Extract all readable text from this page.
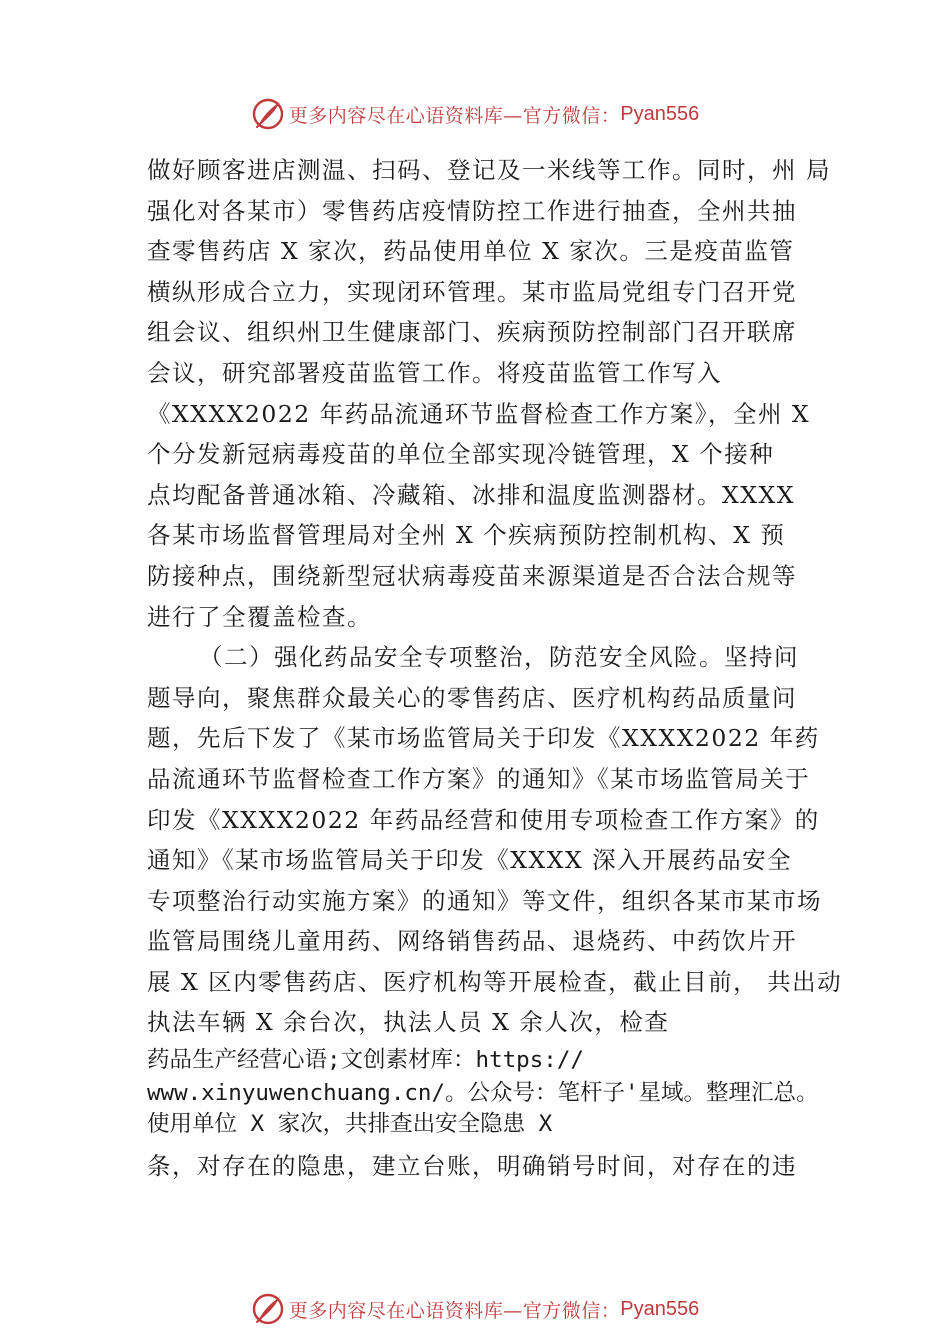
更多内容尽在心语资料库—官方微信： Pyan556
做好顾客进店测温、扫码、登记及一米线等工作。同时，州 局
强化对各某市）零售药店疫情防控工作进行抽查，全州共抽
查零售药店 X 家次，药品使用单位 X 家次。三是疫苗监管
横纵形成合立力，实现闭环管理。某市监局党组专门召开党
组会议、组织州卫生健康部门、疾病预防控制部门召开联席
会议，研究部署疫苗监管工作。将疫苗监管工作写入
《XXXX2022 年药品流通环节监督检查工作方案》，全州 X
个分发新冠病毒疫苗的单位全部实现冷链管理，X 个接种
点均配备普通冰箱、冷藏箱、冰排和温度监测器材。XXXX
各某市场监督管理局对全州 X 个疾病预防控制机构、X 预
防接种点，围绕新型冠状病毒疫苗来源渠道是否合法合规等
进行了全覆盖检查。
（二）强化药品安全专项整治，防范安全风险。坚持问
题导向，聚焦群众最关心的零售药店、医疗机构药品质量问
题，先后下发了《某市场监管局关于印发《XXXX2022 年药
品流通环节监督检查工作方案》的通知》《某市场监管局关于
印发《XXXX2022 年药品经营和使用专项检查工作方案》的
通知》《某市场监管局关于印发《XXXX 深入开展药品安全
专项整治行动实施方案》的通知》等文件，组织各某市某市场
监管局围绕儿童用药、网络销售药品、退烧药、中药饮片开
展 X 区内零售药店、医疗机构等开展检查，截止目前， 共出动
执法车辆 X 余台次，执法人员 X 余人次，检查
药品生产经营心语;文创素材库：https://
www.xinyuwenchuang.cn/。公众号：笔杆子'星域。整理汇总。
使用单位 X 家次，共排查出安全隐患 X
条，对存在的隐患，建立台账，明确销号时间，对存在的违
更多内容尽在心语资料库—官方微信： Pyan556
